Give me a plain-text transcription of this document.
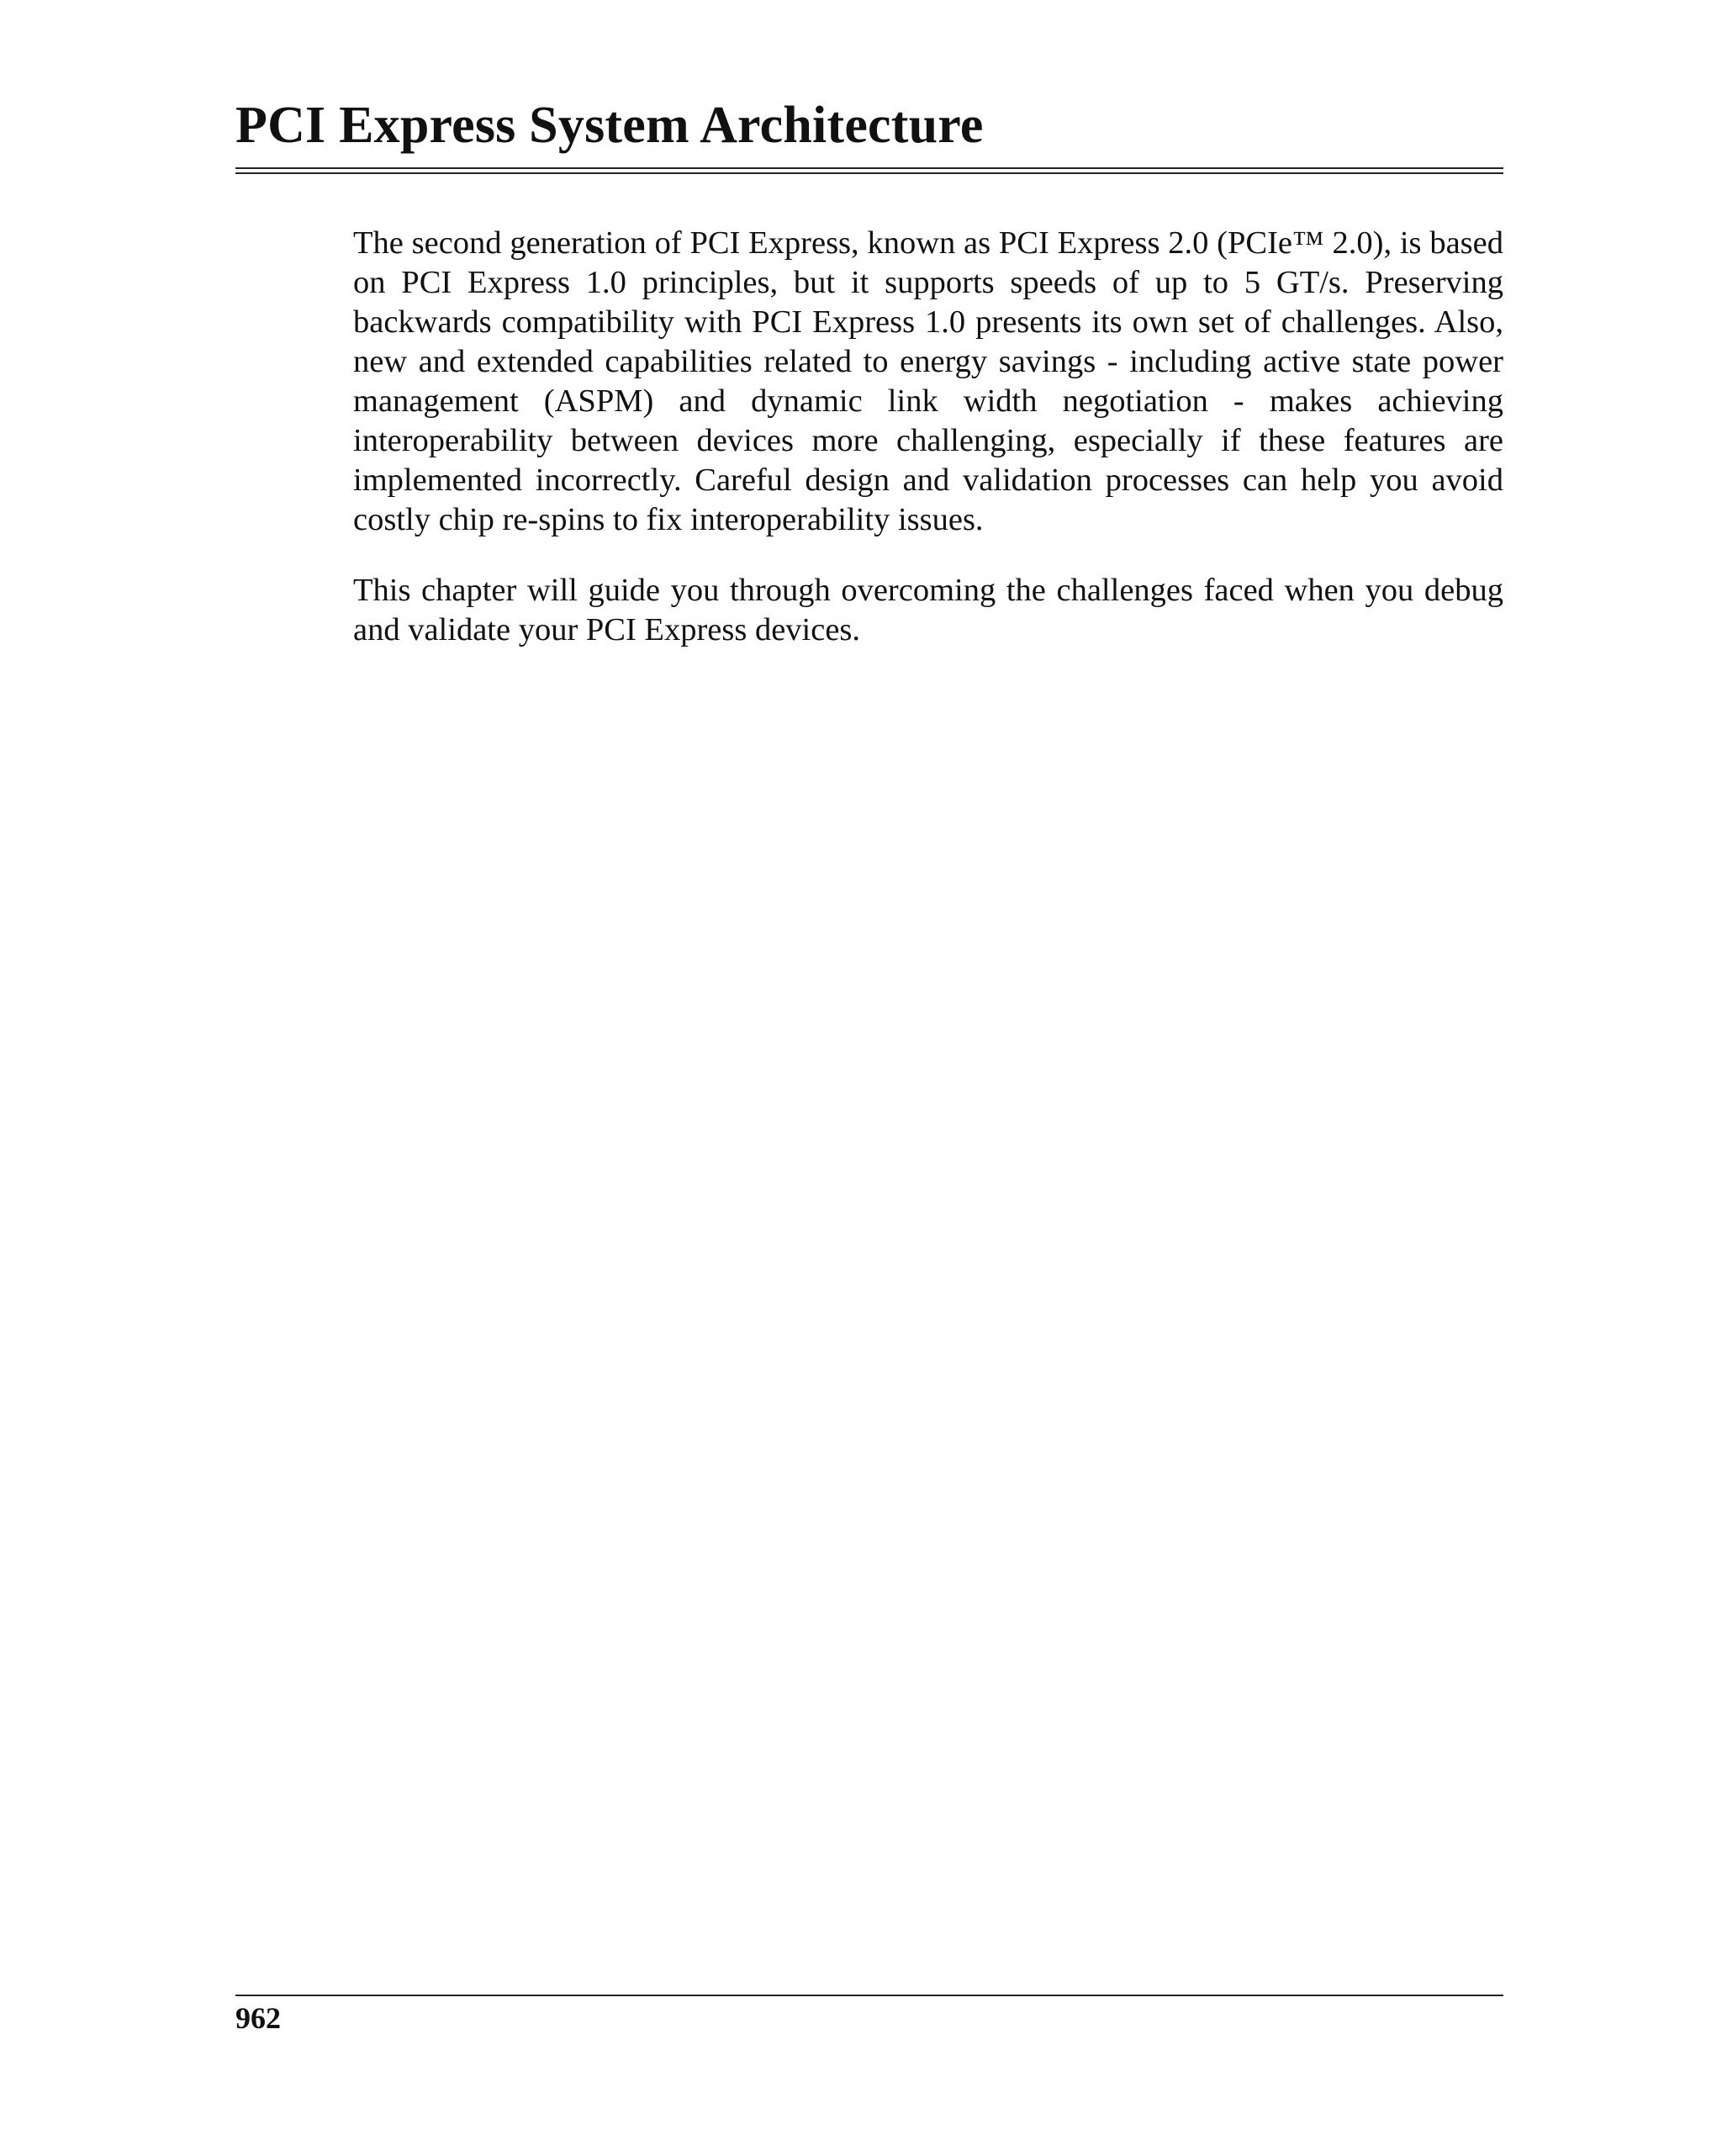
PCI Express System Architecture

The second generation of PCI Express, known as PCI Express 2.0 (PCIe™ 2.0), is based on PCI Express 1.0 principles, but it supports speeds of up to 5 GT/s. Preserving backwards compatibility with PCI Express 1.0 presents its own set of challenges. Also, new and extended capabilities related to energy savings - including active state power management (ASPM) and dynamic link width negotiation - makes achieving interoperability between devices more challenging, especially if these features are implemented incorrectly. Careful design and validation processes can help you avoid costly chip re-spins to fix interoperability issues.

This chapter will guide you through overcoming the challenges faced when you debug and validate your PCI Express devices.

962
